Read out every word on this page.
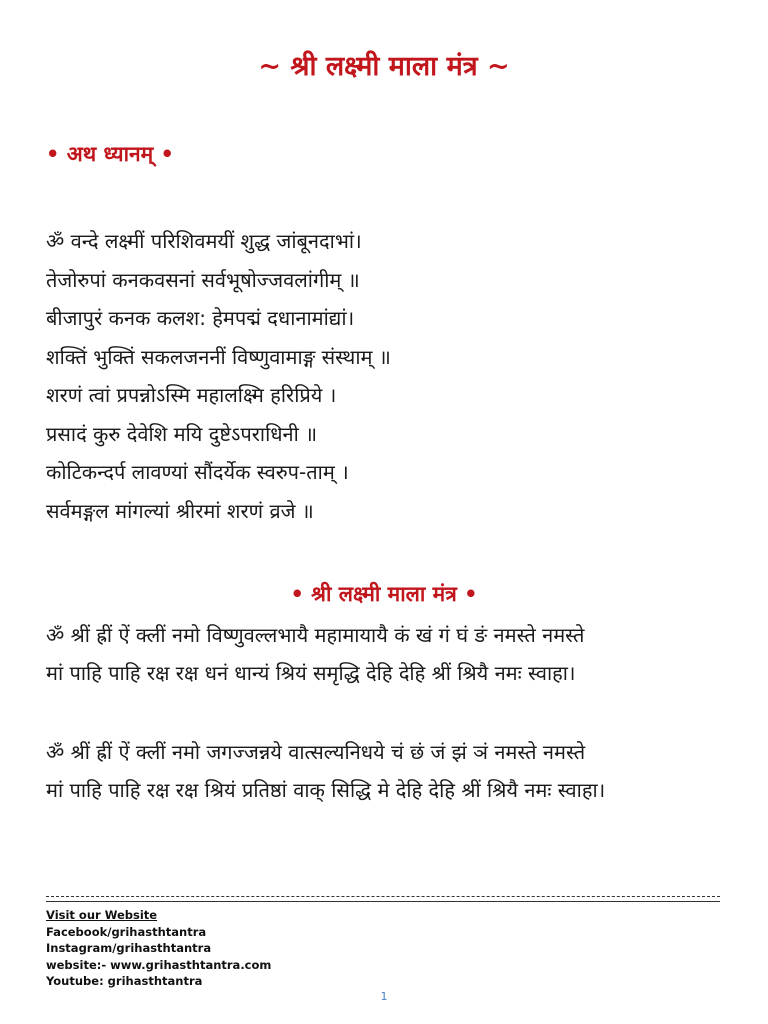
~ श्री लक्ष्मी माला मंत्र ~
• अथ ध्यानम् •
ॐ वन्दे लक्ष्मीं परिशिवमयीं शुद्ध जांबूनदाभां।
तेजोरुपां कनकवसनां सर्वभूषोज्जवलांगीम् ॥
बीजापुरं कनक कलश: हेमपद्मं दधानामांद्यां।
शक्तिं भुक्तिं सकलजननीं विष्णुवामाङ्ग संस्थाम् ॥
शरणं त्वां प्रपन्नोऽस्मि महालक्ष्मि हरिप्रिये ।
प्रसादं कुरु देवेशि मयि दुष्टेऽपराधिनी ॥
कोटिकन्दर्प लावण्यां सौंदर्येक स्वरुप-ताम् ।
सर्वमङ्गल मांगल्यां श्रीरमां शरणं व्रजे ॥
• श्री लक्ष्मी माला मंत्र •
ॐ श्रीं ह्रीं ऐं क्लीं नमो विष्णुवल्लभायै महामायायै कं खं गं घं ङं नमस्ते नमस्ते
मां पाहि पाहि रक्ष रक्ष धनं धान्यं श्रियं समृद्धि देहि देहि श्रीं श्रियै नमः स्वाहा।
ॐ श्रीं ह्रीं ऐं क्लीं नमो जगज्जन्नये वात्सल्यनिधये चं छं जं झं ञं नमस्ते नमस्ते
मां पाहि पाहि रक्ष रक्ष श्रियं प्रतिष्ठां वाक् सिद्धि मे देहि देहि श्रीं श्रियै नमः स्वाहा।
Visit our Website
Facebook/grihasthtantra
Instagram/grihasthtantra
website:- www.grihasthtantra.com
Youtube: grihasthtantra
1
